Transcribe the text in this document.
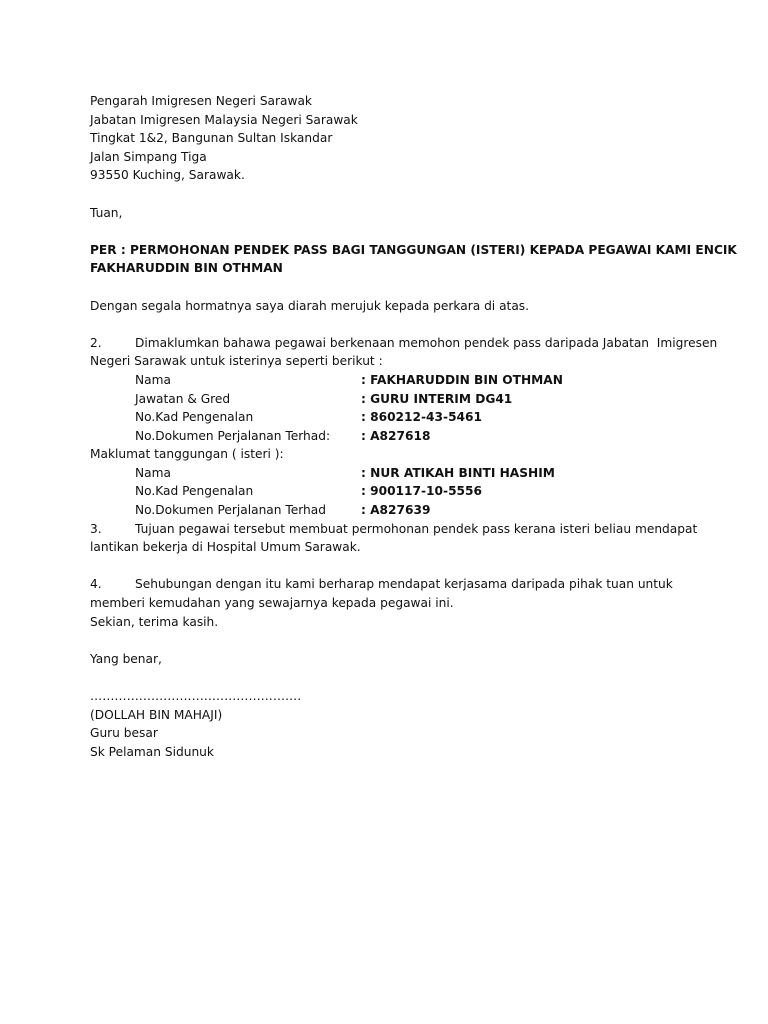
Pengarah Imigresen Negeri Sarawak
Jabatan Imigresen Malaysia Negeri Sarawak
Tingkat 1&2, Bangunan Sultan Iskandar
Jalan Simpang Tiga
93550 Kuching, Sarawak.
Tuan,
PER : PERMOHONAN PENDEK PASS BAGI TANGGUNGAN (ISTERI) KEPADA PEGAWAI KAMI ENCIK
FAKHARUDDIN BIN OTHMAN
Dengan segala hormatnya saya diarah merujuk kepada perkara di atas.
2.	Dimaklumkan bahawa pegawai berkenaan memohon pendek pass daripada Jabatan  Imigresen
Negeri Sarawak untuk isterinya seperti berikut :
Nama	: FAKHARUDDIN BIN OTHMAN
Jawatan & Gred	: GURU INTERIM DG41
No.Kad Pengenalan	: 860212-43-5461
No.Dokumen Perjalanan Terhad:	: A827618
Maklumat tanggungan ( isteri ):
Nama	: NUR ATIKAH BINTI HASHIM
No.Kad Pengenalan	: 900117-10-5556
No.Dokumen Perjalanan Terhad	: A827639
3.	Tujuan pegawai tersebut membuat permohonan pendek pass kerana isteri beliau mendapat
lantikan bekerja di Hospital Umum Sarawak.
4.	Sehubungan dengan itu kami berharap mendapat kerjasama daripada pihak tuan untuk
memberi kemudahan yang sewajarnya kepada pegawai ini.
Sekian, terima kasih.
Yang benar,
…………………………………………….
(DOLLAH BIN MAHAJI)
Guru besar
Sk Pelaman Sidunuk
